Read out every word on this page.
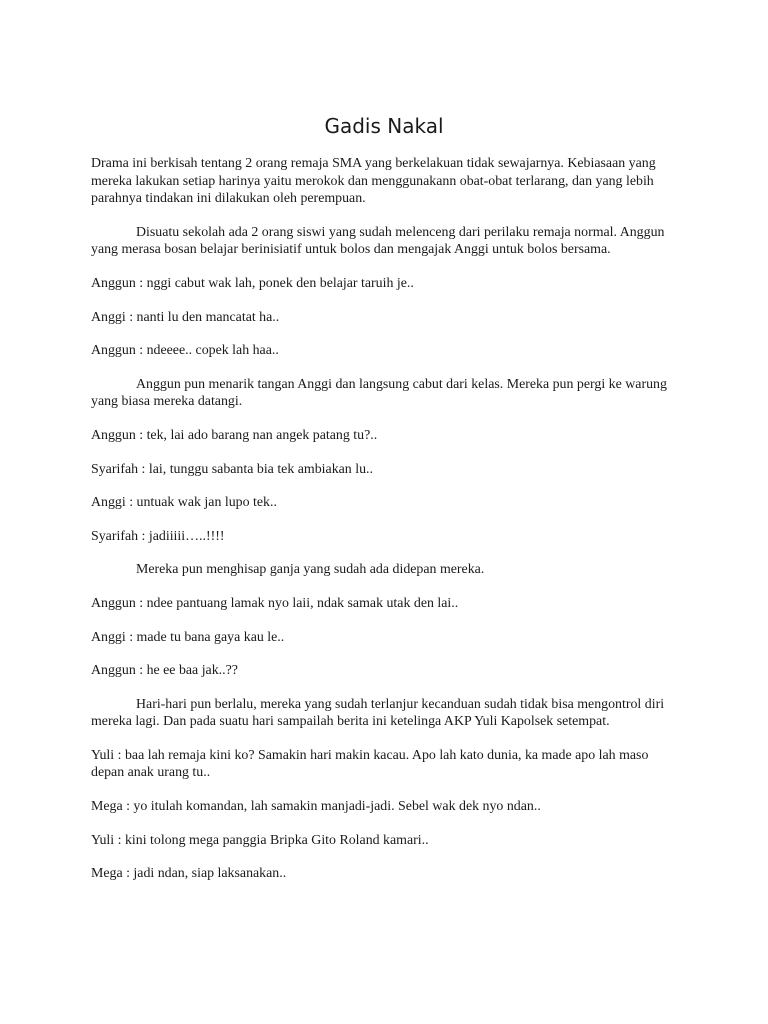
Gadis Nakal

Drama ini berkisah tentang 2 orang remaja SMA yang berkelakuan tidak sewajarnya. Kebiasaan yang mereka lakukan setiap harinya yaitu merokok dan menggunakann obat-obat terlarang, dan yang lebih parahnya tindakan ini dilakukan oleh perempuan.

Disuatu sekolah ada 2 orang siswi yang sudah melenceng dari perilaku remaja normal. Anggun yang merasa bosan belajar berinisiatif untuk bolos dan mengajak Anggi untuk bolos bersama.

Anggun : nggi cabut wak lah, ponek den belajar taruih je..

Anggi : nanti lu den mancatat ha..

Anggun : ndeeee.. copek lah haa..

Anggun pun menarik tangan Anggi dan langsung cabut dari kelas. Mereka pun pergi ke warung yang biasa mereka datangi.

Anggun : tek, lai ado barang nan angek patang tu?..

Syarifah : lai, tunggu sabanta bia tek ambiakan lu..

Anggi : untuak wak jan lupo tek..

Syarifah : jadiiiii…..!!!!

Mereka pun menghisap ganja yang sudah ada didepan mereka.

Anggun : ndee pantuang lamak nyo laii, ndak samak utak den lai..

Anggi : made tu bana gaya kau le..

Anggun : he ee baa jak..??

Hari-hari pun berlalu, mereka yang sudah terlanjur kecanduan sudah tidak bisa mengontrol diri mereka lagi. Dan pada suatu hari sampailah berita ini ketelinga AKP Yuli Kapolsek setempat.

Yuli : baa lah remaja kini ko? Samakin hari makin kacau. Apo lah kato dunia, ka made apo lah maso depan anak urang tu..

Mega : yo itulah komandan, lah samakin manjadi-jadi. Sebel wak dek nyo ndan..

Yuli : kini tolong mega panggia Bripka Gito Roland kamari..

Mega : jadi ndan, siap laksanakan..
